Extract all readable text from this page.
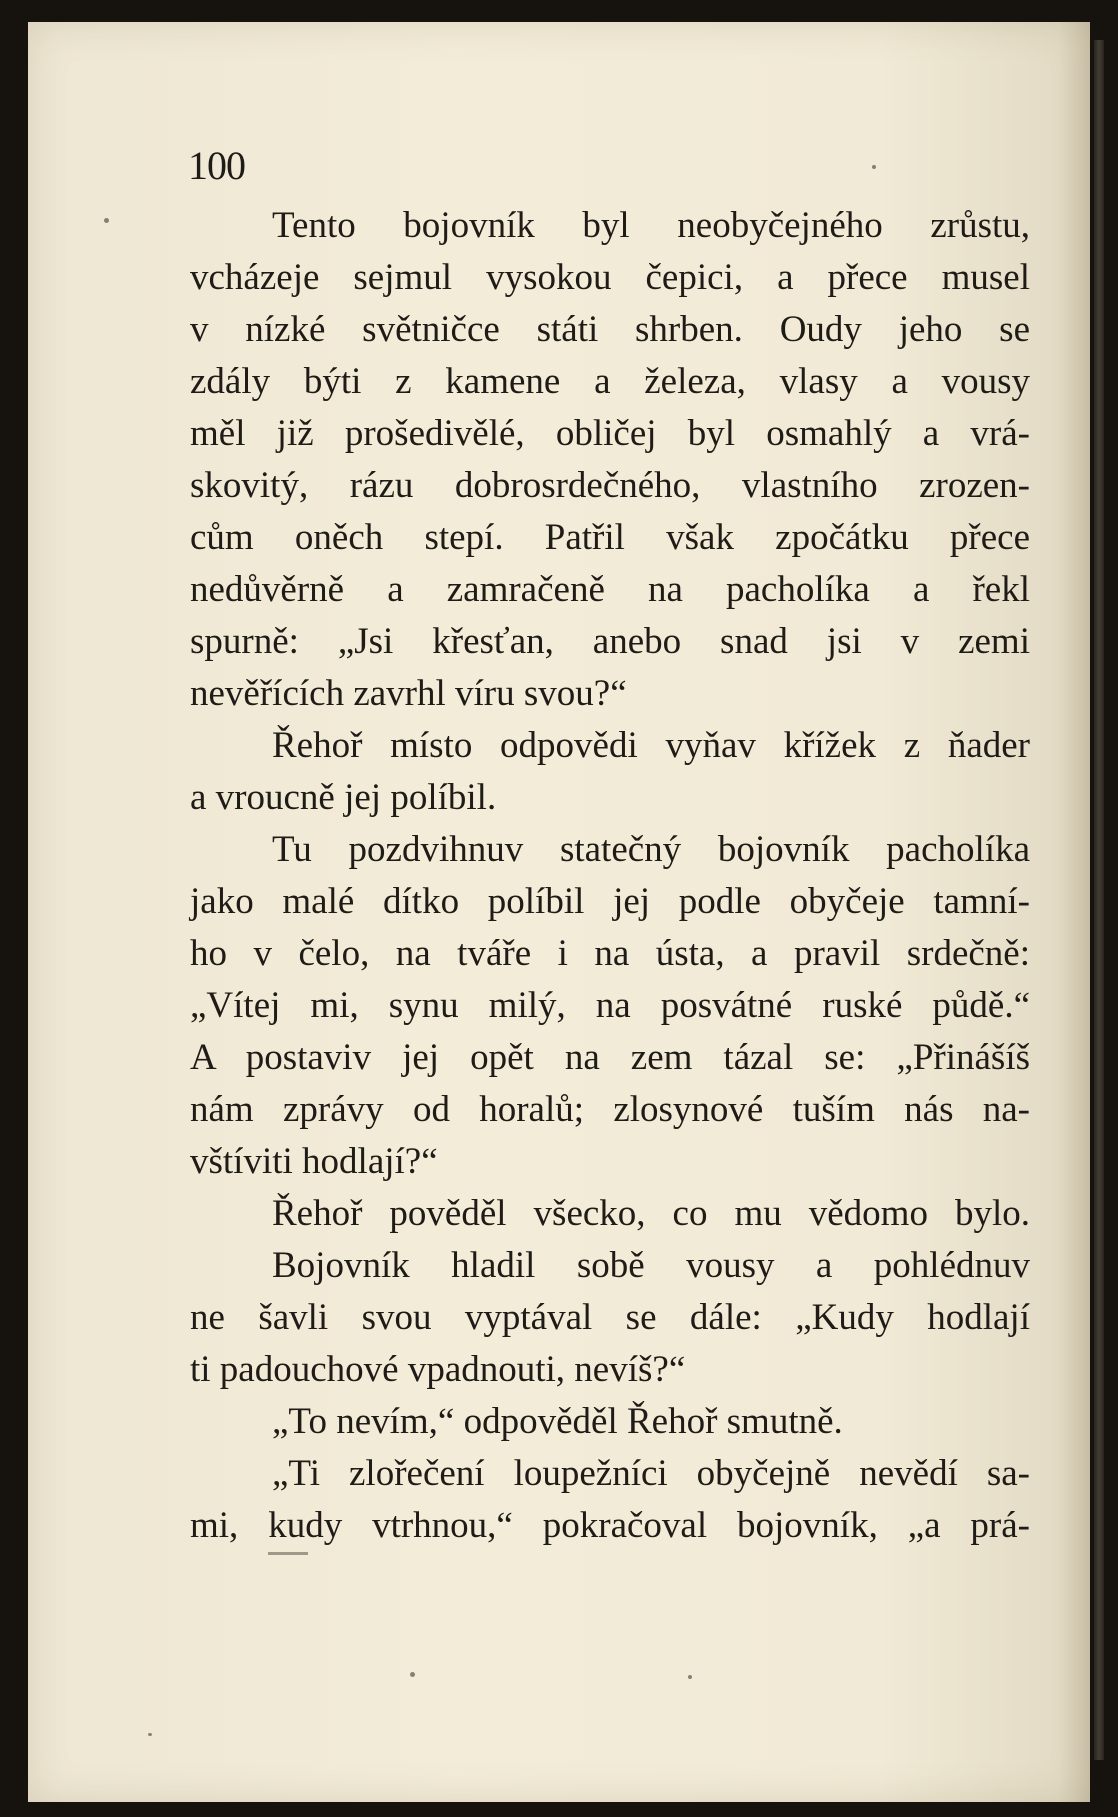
100
Tento bojovník byl neobyčejného zrůstu,
vcházeje sejmul vysokou čepici, a přece musel
v nízké světničce státi shrben. Oudy jeho se
zdály býti z kamene a železa, vlasy a vousy
měl již prošedivělé, obličej byl osmahlý a vrá-
skovitý, rázu dobrosrdečného, vlastního zrozen-
cům oněch stepí. Patřil však zpočátku přece
nedůvěrně a zamračeně na pacholíka a řekl
spurně: „Jsi křesťan, anebo snad jsi v zemi
nevěřících zavrhl víru svou?“
Řehoř místo odpovědi vyňav křížek z ňader
a vroucně jej políbil.
Tu pozdvihnuv statečný bojovník pacholíka
jako malé dítko políbil jej podle obyčeje tamní-
ho v čelo, na tváře i na ústa, a pravil srdečně:
„Vítej mi, synu milý, na posvátné ruské půdě.“
A postaviv jej opět na zem tázal se: „Přinášíš
nám zprávy od horalů; zlosynové tuším nás na-
vštíviti hodlají?“
Řehoř pověděl všecko, co mu vědomo bylo.
Bojovník hladil sobě vousy a pohlédnuv
ne šavli svou vyptával se dále: „Kudy hodlají
ti padouchové vpadnouti, nevíš?“
„To nevím,“ odpověděl Řehoř smutně.
„Ti zlořečení loupežníci obyčejně nevědí sa-
mi, kudy vtrhnou,“ pokračoval bojovník, „a prá-
